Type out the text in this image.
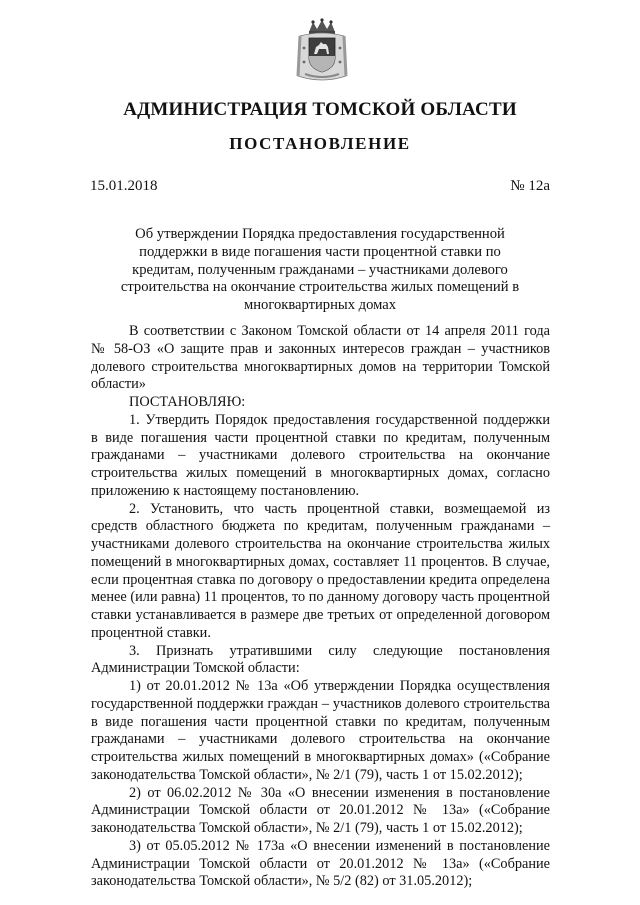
АДМИНИСТРАЦИЯ ТОМСКОЙ ОБЛАСТИ
ПОСТАНОВЛЕНИЕ
15.01.2018	№ 12а
Об утверждении Порядка предоставления государственной поддержки в виде погашения части процентной ставки по кредитам, полученным гражданами – участниками долевого строительства на окончание строительства жилых помещений в многоквартирных домах

В соответствии с Законом Томской области от 14 апреля 2011 года № 58-ОЗ «О защите прав и законных интересов граждан – участников долевого строительства многоквартирных домов на территории Томской области»

ПОСТАНОВЛЯЮ:

1. Утвердить Порядок предоставления государственной поддержки в виде погашения части процентной ставки по кредитам, полученным гражданами – участниками долевого строительства на окончание строительства жилых помещений в многоквартирных домах, согласно приложению к настоящему постановлению.

2. Установить, что часть процентной ставки, возмещаемой из средств областного бюджета по кредитам, полученным гражданами – участниками долевого строительства на окончание строительства жилых помещений в многоквартирных домах, составляет 11 процентов. В случае, если процентная ставка по договору о предоставлении кредита определена менее (или равна) 11 процентов, то по данному договору часть процентной ставки устанавливается в размере две третьих от определенной договором процентной ставки.

3. Признать утратившими силу следующие постановления Администрации Томской области:

1) от 20.01.2012 № 13а «Об утверждении Порядка осуществления государственной поддержки граждан – участников долевого строительства в виде погашения части процентной ставки по кредитам, полученным гражданами – участниками долевого строительства на окончание строительства жилых помещений в многоквартирных домах» («Собрание законодательства Томской области», № 2/1 (79), часть 1 от 15.02.2012);

2) от 06.02.2012 № 30а «О внесении изменения в постановление Администрации Томской области от 20.01.2012 № 13а» («Собрание законодательства Томской области», № 2/1 (79), часть 1 от 15.02.2012);

3) от 05.05.2012 № 173а «О внесении изменений в постановление Администрации Томской области от 20.01.2012 № 13а» («Собрание законодательства Томской области», № 5/2 (82) от 31.05.2012);
